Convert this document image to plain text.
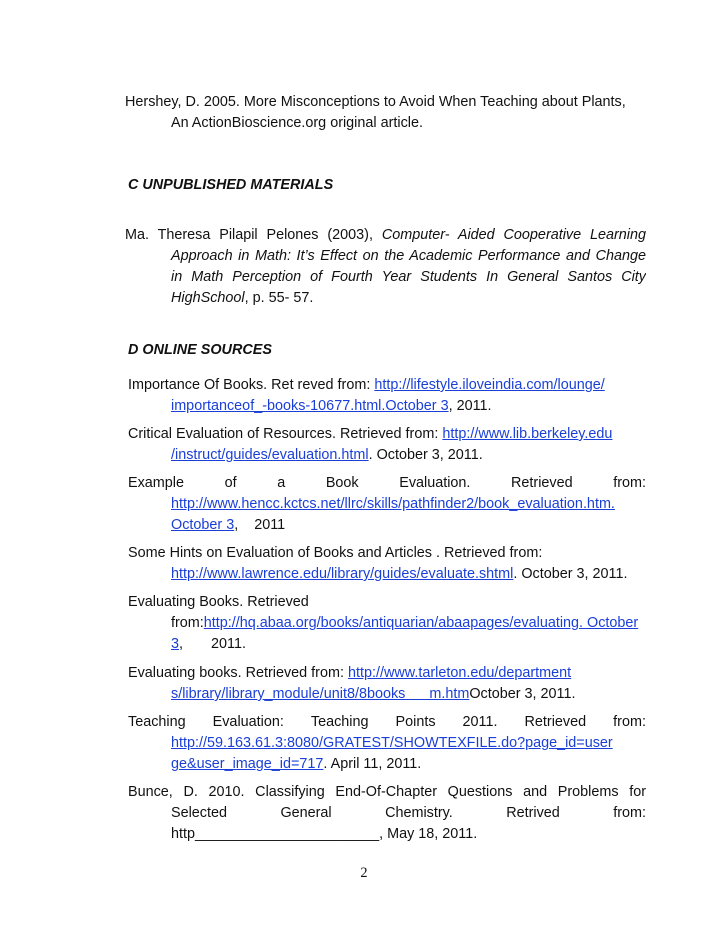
Hershey, D. 2005. More Misconceptions to Avoid When Teaching about Plants,
An ActionBioscience.org original article.
C UNPUBLISHED MATERIALS
Ma. Theresa Pilapil Pelones (2003), Computer- Aided Cooperative Learning
Approach in Math: It’s Effect on the Academic Performance and Change
in Math Perception of Fourth Year Students In General Santos City
HighSchool, p. 55- 57.
D ONLINE SOURCES
Importance Of Books. Ret reved from: http://lifestyle.iloveindia.com/lounge/
importanceof_-books-10677.html.October 3, 2011.
Critical Evaluation of Resources. Retrieved from: http://www.lib.berkeley.edu
/instruct/guides/evaluation.html. October 3, 2011.
Example	of	a	Book	Evaluation.	Retrieved	from:
http://www.hencc.kctcs.net/llrc/skills/pathfinder2/book_evaluation.htm.
October 3,    2011
Some Hints on Evaluation of Books and Articles . Retrieved from:
http://www.lawrence.edu/library/guides/evaluate.shtml. October 3, 2011.
Evaluating Books. Retrieved
from:http://hq.abaa.org/books/antiquarian/abaapages/evaluating. October
3,       2011.
Evaluating books. Retrieved from: http://www.tarleton.edu/department
s/library/library_module/unit8/8books      m.htmOctober 3, 2011.
Teaching Evaluation: Teaching Points 2011. Retrieved from:
http://59.163.61.3:8080/GRATEST/SHOWTEXFILE.do?page_id=user
ge&user_image_id=717. April 11, 2011.
Bunce, D. 2010. Classifying End-Of-Chapter Questions and Problems for
Selected	General	Chemistry.	Retrived	from:
http_______________________, May 18, 2011.
2
